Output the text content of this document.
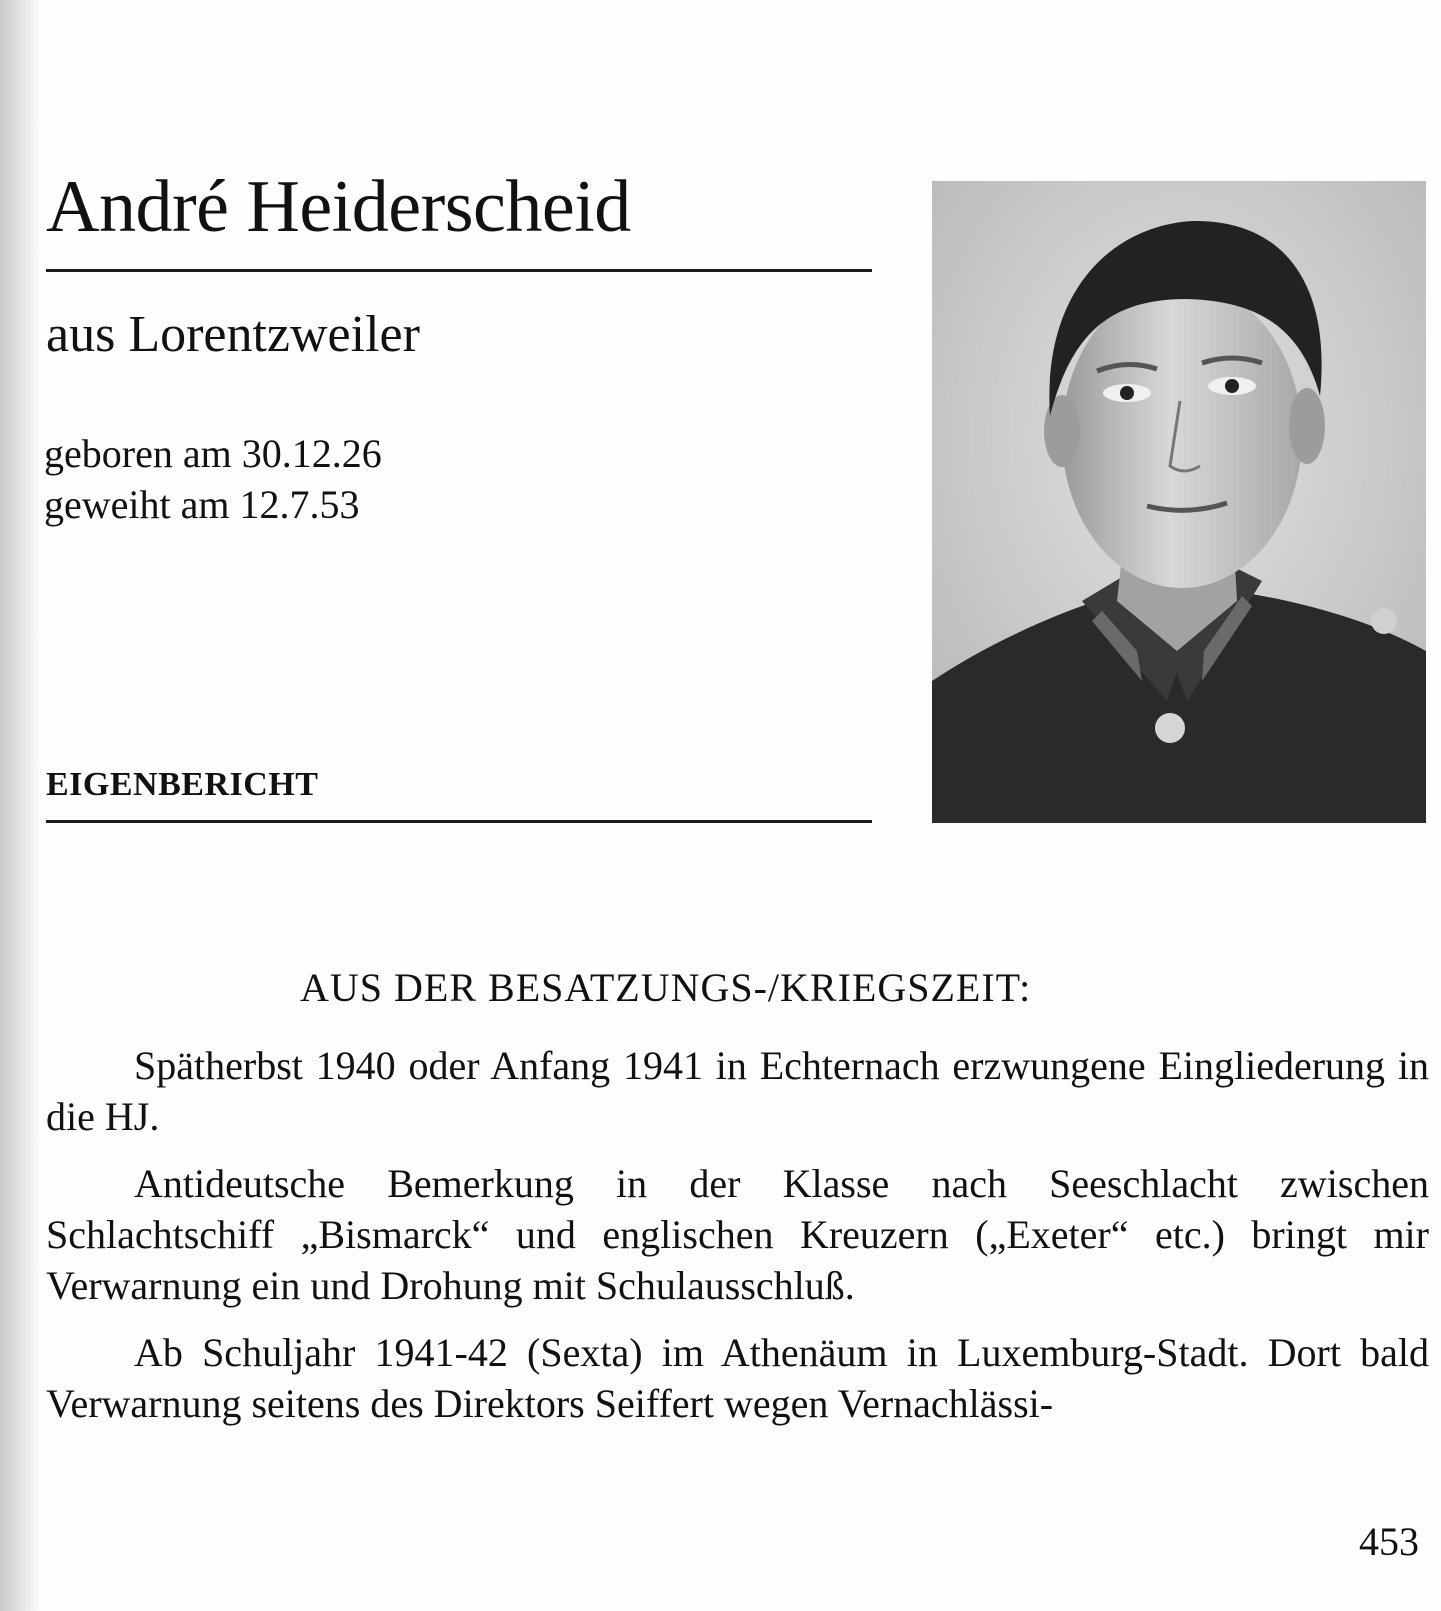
André Heiderscheid
aus Lorentzweiler
geboren am 30.12.26
geweiht am 12.7.53
EIGENBERICHT
AUS DER BESATZUNGS-/KRIEGSZEIT:

Spätherbst 1940 oder Anfang 1941 in Echternach erzwungene Eingliederung in die HJ.

Antideutsche Bemerkung in der Klasse nach Seeschlacht zwischen Schlachtschiff „Bismarck“ und englischen Kreuzern („Exeter“ etc.) bringt mir Verwarnung ein und Drohung mit Schulausschluß.

Ab Schuljahr 1941-42 (Sexta) im Athenäum in Luxemburg-Stadt. Dort bald Verwarnung seitens des Direktors Seiffert wegen Vernachlässi-

453
